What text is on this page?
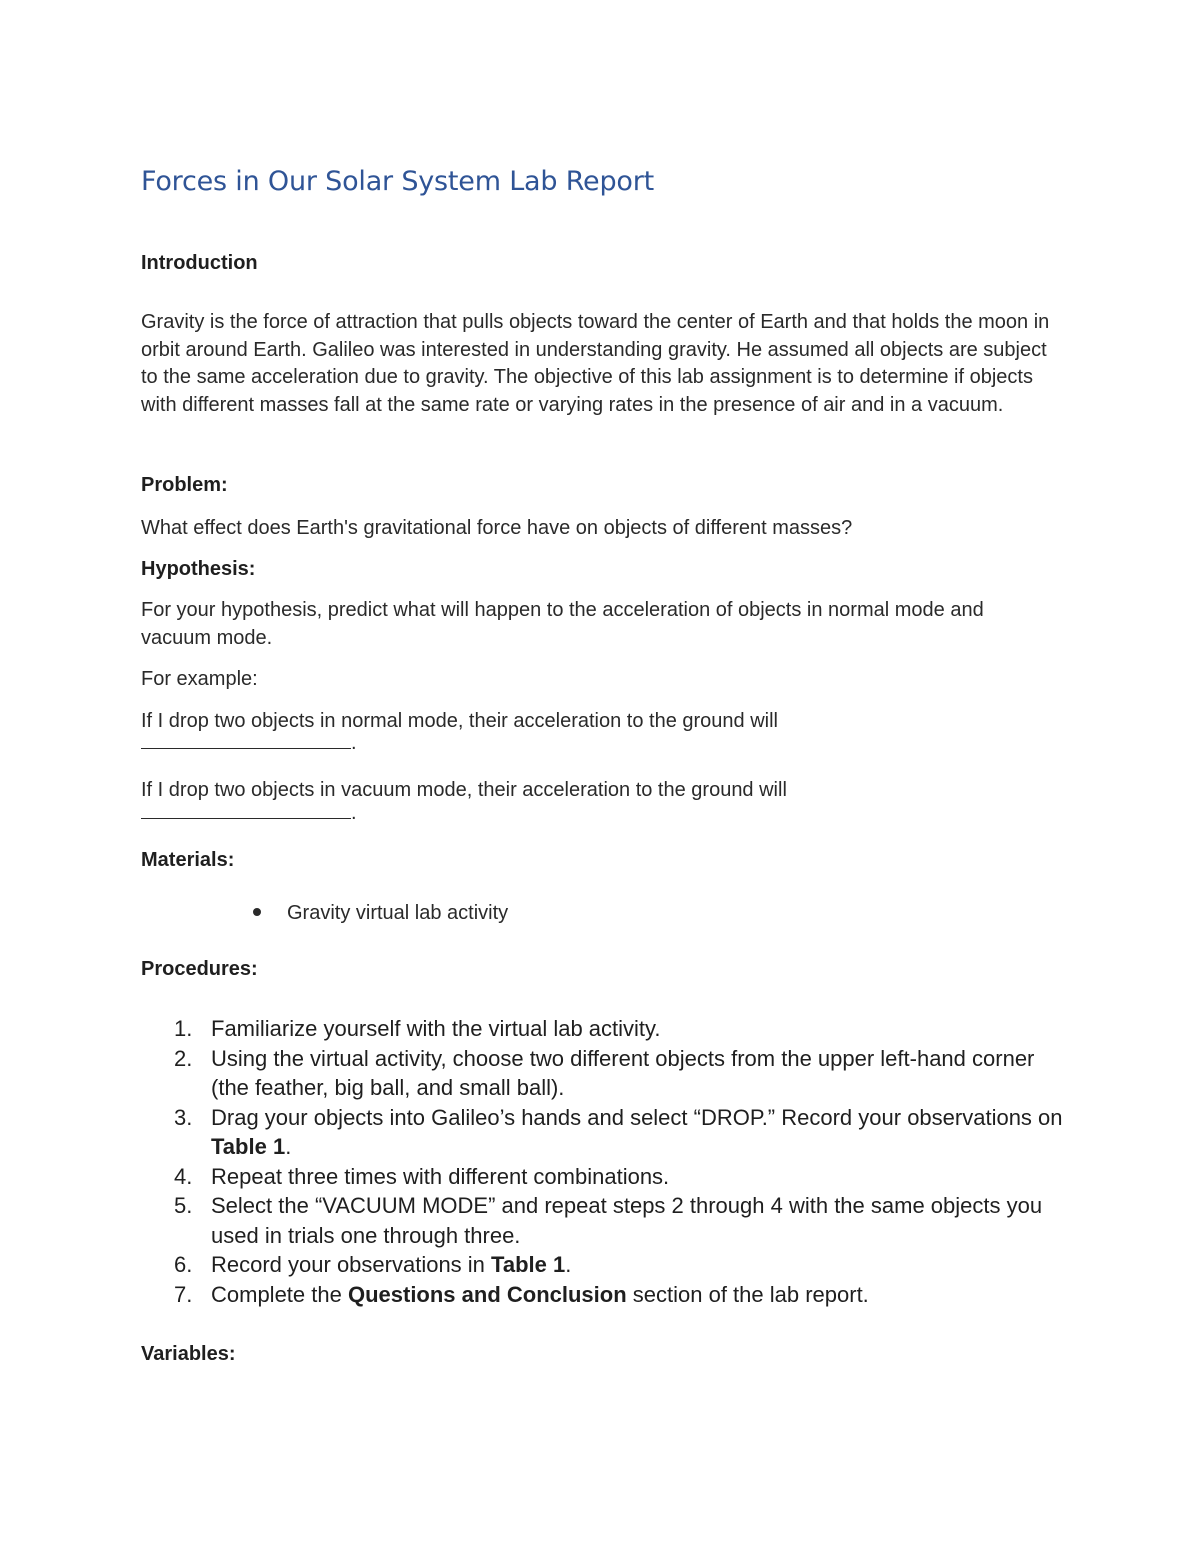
Forces in Our Solar System Lab Report
Introduction
Gravity is the force of attraction that pulls objects toward the center of Earth and that holds the moon in orbit around Earth. Galileo was interested in understanding gravity. He assumed all objects are subject to the same acceleration due to gravity. The objective of this lab assignment is to determine if objects with different masses fall at the same rate or varying rates in the presence of air and in a vacuum.
Problem:
What effect does Earth's gravitational force have on objects of different masses?
Hypothesis:
For your hypothesis, predict what will happen to the acceleration of objects in normal mode and vacuum mode.
For example:
If I drop two objects in normal mode, their acceleration to the ground will
.
If I drop two objects in vacuum mode, their acceleration to the ground will
.
Materials:
Gravity virtual lab activity
Procedures:
1. Familiarize yourself with the virtual lab activity.
2. Using the virtual activity, choose two different objects from the upper left-hand corner (the feather, big ball, and small ball).
3. Drag your objects into Galileo’s hands and select “DROP.” Record your observations on Table 1.
4. Repeat three times with different combinations.
5. Select the “VACUUM MODE” and repeat steps 2 through 4 with the same objects you used in trials one through three.
6. Record your observations in Table 1.
7. Complete the Questions and Conclusion section of the lab report.
Variables:
